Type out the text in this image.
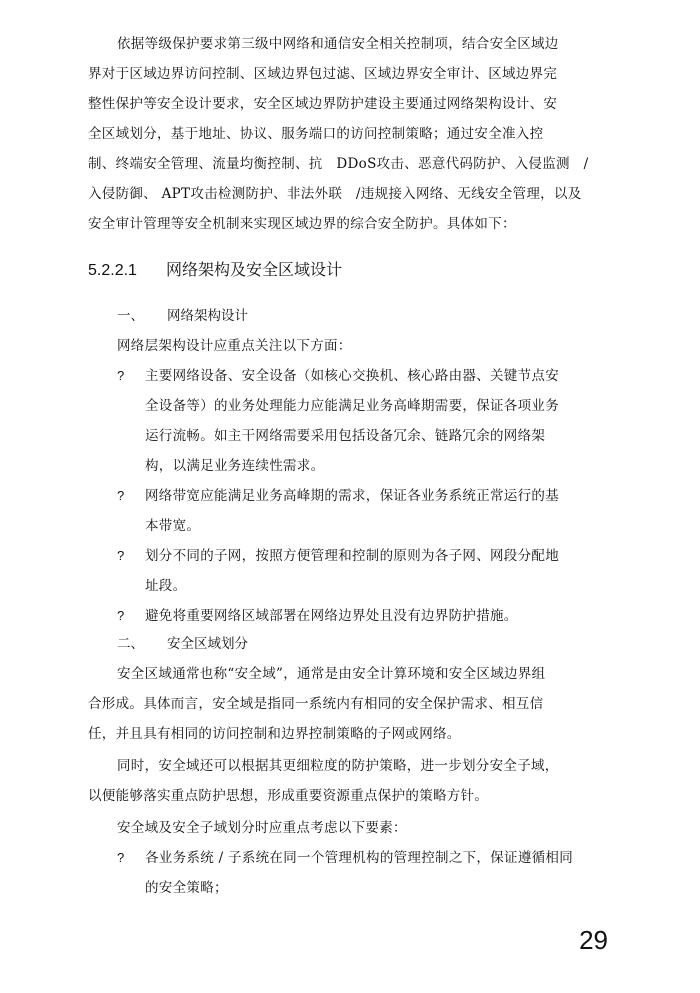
依据等级保护要求第三级中网络和通信安全相关控制项，结合安全区域边
界对于区域边界访问控制、区域边界包过滤、区域边界安全审计、区域边界完
整性保护等安全设计要求，安全区域边界防护建设主要通过网络架构设计、安
全区域划分，基于地址、协议、服务端口的访问控制策略；通过安全准入控
制、终端安全管理、流量均衡控制、抗　DDoS攻击、恶意代码防护、入侵监测　/
入侵防御、 APT攻击检测防护、非法外联　/违规接入网络、无线安全管理，以及
安全审计管理等安全机制来实现区域边界的综合安全防护。具体如下：
5.2.2.1 网络架构及安全区域设计
一、 网络架构设计
网络层架构设计应重点关注以下方面：
? 主要网络设备、安全设备（如核心交换机、核心路由器、关键节点安
全设备等）的业务处理能力应能满足业务高峰期需要，保证各项业务
运行流畅。如主干网络需要采用包括设备冗余、链路冗余的网络架
构，以满足业务连续性需求。
? 网络带宽应能满足业务高峰期的需求，保证各业务系统正常运行的基
本带宽。
? 划分不同的子网，按照方便管理和控制的原则为各子网、网段分配地
址段。
? 避免将重要网络区域部署在网络边界处且没有边界防护措施。
二、 安全区域划分
安全区域通常也称“安全域”，通常是由安全计算环境和安全区域边界组
合形成。具体而言，安全域是指同一系统内有相同的安全保护需求、相互信
任，并且具有相同的访问控制和边界控制策略的子网或网络。
同时，安全域还可以根据其更细粒度的防护策略，进一步划分安全子域，
以便能够落实重点防护思想，形成重要资源重点保护的策略方针。
安全域及安全子域划分时应重点考虑以下要素：
? 各业务系统 / 子系统在同一个管理机构的管理控制之下，保证遵循相同
的安全策略；
29
